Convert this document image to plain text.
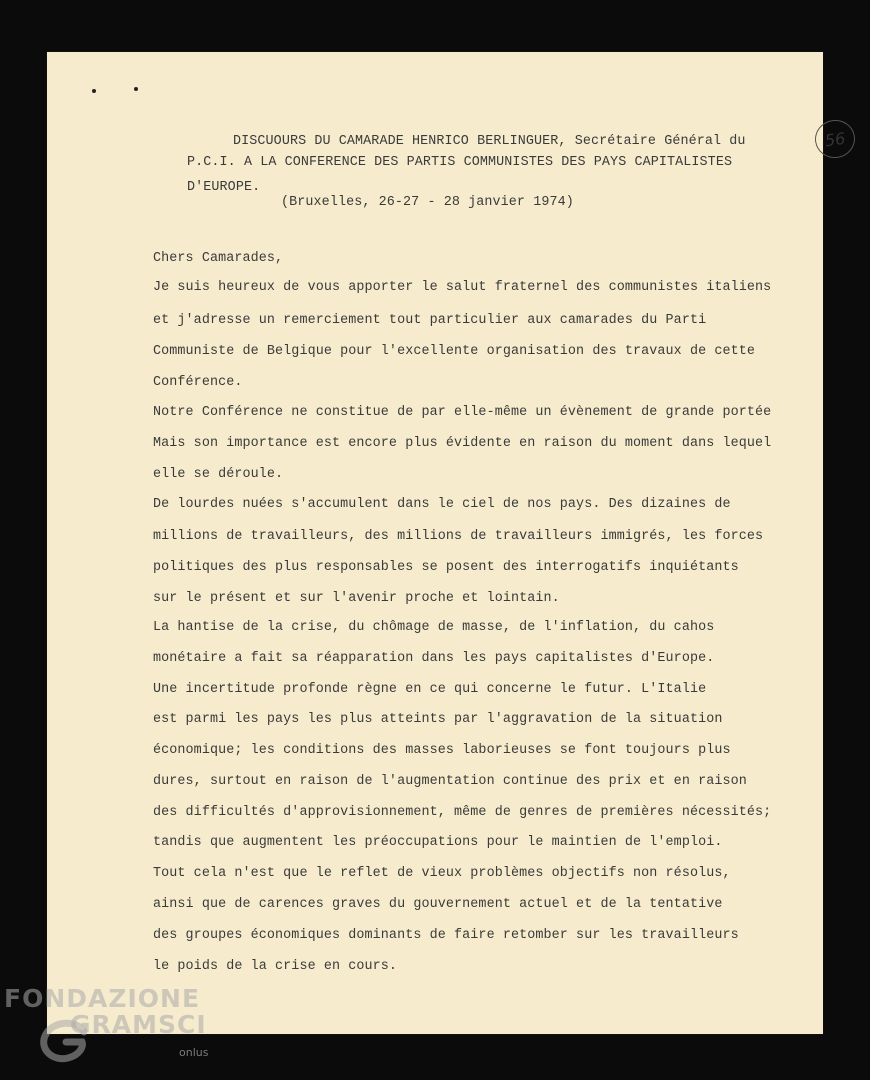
56
DISCUOURS DU CAMARADE HENRICO BERLINGUER, Secrétaire Général du
P.C.I. A LA CONFERENCE DES PARTIS COMMUNISTES DES PAYS CAPITALISTES
D'EUROPE.
(Bruxelles, 26-27 - 28 janvier 1974)
Chers Camarades,
Je suis heureux de vous apporter le salut fraternel des communistes italiens
et j'adresse un remerciement tout particulier aux camarades du Parti
Communiste de Belgique pour l'excellente organisation des travaux de cette
Conférence.
Notre Conférence ne constitue de par elle-même un évènement de grande portée
Mais son importance est encore plus évidente en raison du moment dans lequel
elle se déroule.
De lourdes nuées s'accumulent dans le ciel de nos pays. Des dizaines de
millions de travailleurs, des millions de travailleurs immigrés, les forces
politiques des plus responsables se posent des interrogatifs inquiétants
sur le présent et sur l'avenir proche et lointain.
La hantise de la crise, du chômage de masse, de l'inflation, du cahos
monétaire a fait sa réapparation dans les pays capitalistes d'Europe.
Une incertitude profonde règne en ce qui concerne le futur. L'Italie
est parmi les pays les plus atteints par l'aggravation de la situation
économique; les conditions des masses laborieuses se font toujours plus
dures, surtout en raison de l'augmentation continue des prix et en raison
des difficultés d'approvisionnement, même de genres de premières nécessités;
tandis que augmentent les préoccupations pour le maintien de l'emploi.
Tout cela n'est que le reflet de vieux problèmes objectifs non résolus,
ainsi que de carences graves du gouvernement actuel et de la tentative
des groupes économiques dominants de faire retomber sur les travailleurs
le poids de la crise en cours.
FONDAZIONE
GRAMSCI
onlus
